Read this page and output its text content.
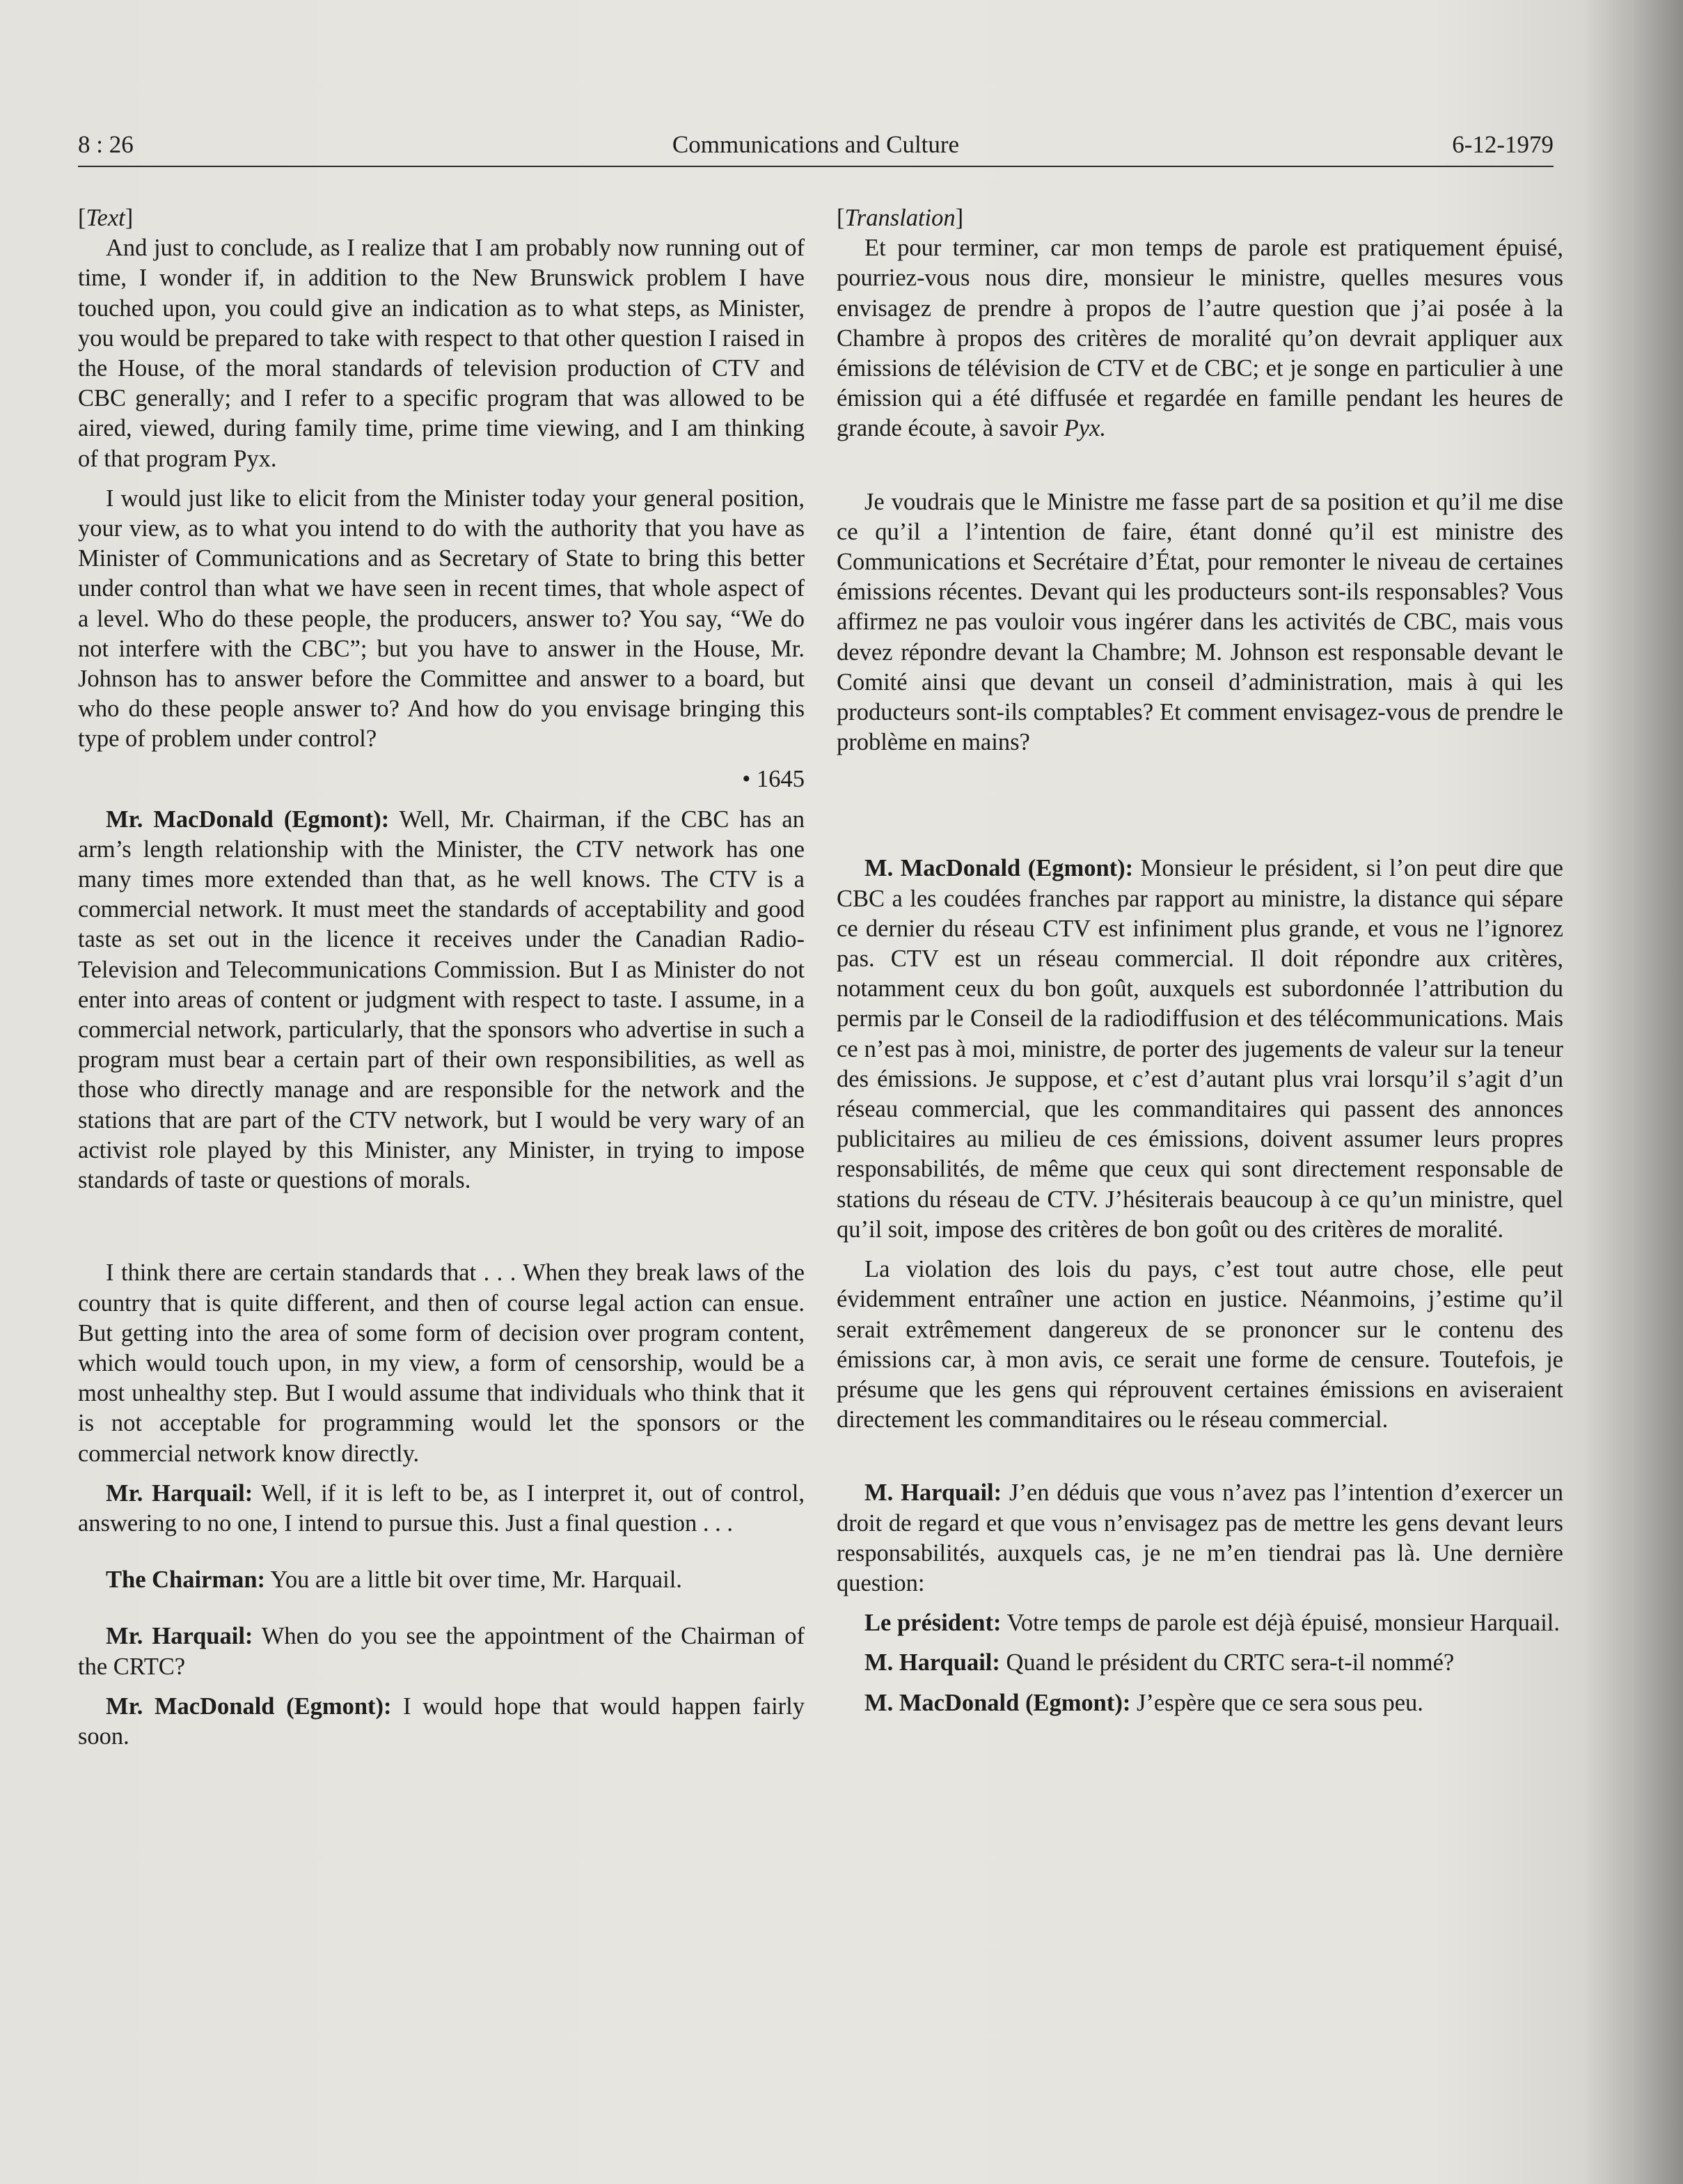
8 : 26	Communications and Culture	6-12-1979

[Text]

And just to conclude, as I realize that I am probably now running out of time, I wonder if, in addition to the New Brunswick problem I have touched upon, you could give an indication as to what steps, as Minister, you would be prepared to take with respect to that other question I raised in the House, of the moral standards of television production of CTV and CBC generally; and I refer to a specific program that was allowed to be aired, viewed, during family time, prime time viewing, and I am thinking of that program Pyx.

I would just like to elicit from the Minister today your general position, your view, as to what you intend to do with the authority that you have as Minister of Communications and as Secretary of State to bring this better under control than what we have seen in recent times, that whole aspect of a level. Who do these people, the producers, answer to? You say, “We do not interfere with the CBC”; but you have to answer in the House, Mr. Johnson has to answer before the Committee and answer to a board, but who do these people answer to? And how do you envisage bringing this type of problem under control?

• 1645

Mr. MacDonald (Egmont): Well, Mr. Chairman, if the CBC has an arm’s length relationship with the Minister, the CTV network has one many times more extended than that, as he well knows. The CTV is a commercial network. It must meet the standards of acceptability and good taste as set out in the licence it receives under the Canadian Radio-Television and Telecommunications Commission. But I as Minister do not enter into areas of content or judgment with respect to taste. I assume, in a commercial network, particularly, that the sponsors who advertise in such a program must bear a certain part of their own responsibilities, as well as those who directly manage and are responsible for the network and the stations that are part of the CTV network, but I would be very wary of an activist role played by this Minister, any Minister, in trying to impose standards of taste or questions of morals.

I think there are certain standards that . . . When they break laws of the country that is quite different, and then of course legal action can ensue. But getting into the area of some form of decision over program content, which would touch upon, in my view, a form of censorship, would be a most unhealthy step. But I would assume that individuals who think that it is not acceptable for programming would let the sponsors or the commercial network know directly.

Mr. Harquail: Well, if it is left to be, as I interpret it, out of control, answering to no one, I intend to pursue this. Just a final question . . .

The Chairman: You are a little bit over time, Mr. Harquail.

Mr. Harquail: When do you see the appointment of the Chairman of the CRTC?

Mr. MacDonald (Egmont): I would hope that would happen fairly soon.

[Translation]

Et pour terminer, car mon temps de parole est pratiquement épuisé, pourriez-vous nous dire, monsieur le ministre, quelles mesures vous envisagez de prendre à propos de l’autre question que j’ai posée à la Chambre à propos des critères de moralité qu’on devrait appliquer aux émissions de télévision de CTV et de CBC; et je songe en particulier à une émission qui a été diffusée et regardée en famille pendant les heures de grande écoute, à savoir Pyx.

Je voudrais que le Ministre me fasse part de sa position et qu’il me dise ce qu’il a l’intention de faire, étant donné qu’il est ministre des Communications et Secrétaire d’État, pour remonter le niveau de certaines émissions récentes. Devant qui les producteurs sont-ils responsables? Vous affirmez ne pas vouloir vous ingérer dans les activités de CBC, mais vous devez répondre devant la Chambre; M. Johnson est responsable devant le Comité ainsi que devant un conseil d’administration, mais à qui les producteurs sont-ils comptables? Et comment envisagez-vous de prendre le problème en mains?

M. MacDonald (Egmont): Monsieur le président, si l’on peut dire que CBC a les coudées franches par rapport au ministre, la distance qui sépare ce dernier du réseau CTV est infiniment plus grande, et vous ne l’ignorez pas. CTV est un réseau commercial. Il doit répondre aux critères, notamment ceux du bon goût, auxquels est subordonnée l’attribution du permis par le Conseil de la radiodiffusion et des télécommunications. Mais ce n’est pas à moi, ministre, de porter des jugements de valeur sur la teneur des émissions. Je suppose, et c’est d’autant plus vrai lorsqu’il s’agit d’un réseau commercial, que les commanditaires qui passent des annonces publicitaires au milieu de ces émissions, doivent assumer leurs propres responsabilités, de même que ceux qui sont directement responsable de stations du réseau de CTV. J’hésiterais beaucoup à ce qu’un ministre, quel qu’il soit, impose des critères de bon goût ou des critères de moralité.

La violation des lois du pays, c’est tout autre chose, elle peut évidemment entraîner une action en justice. Néanmoins, j’estime qu’il serait extrêmement dangereux de se prononcer sur le contenu des émissions car, à mon avis, ce serait une forme de censure. Toutefois, je présume que les gens qui réprouvent certaines émissions en aviseraient directement les commanditaires ou le réseau commercial.

M. Harquail: J’en déduis que vous n’avez pas l’intention d’exercer un droit de regard et que vous n’envisagez pas de mettre les gens devant leurs responsabilités, auxquels cas, je ne m’en tiendrai pas là. Une dernière question:

Le président: Votre temps de parole est déjà épuisé, monsieur Harquail.

M. Harquail: Quand le président du CRTC sera-t-il nommé?

M. MacDonald (Egmont): J’espère que ce sera sous peu.
